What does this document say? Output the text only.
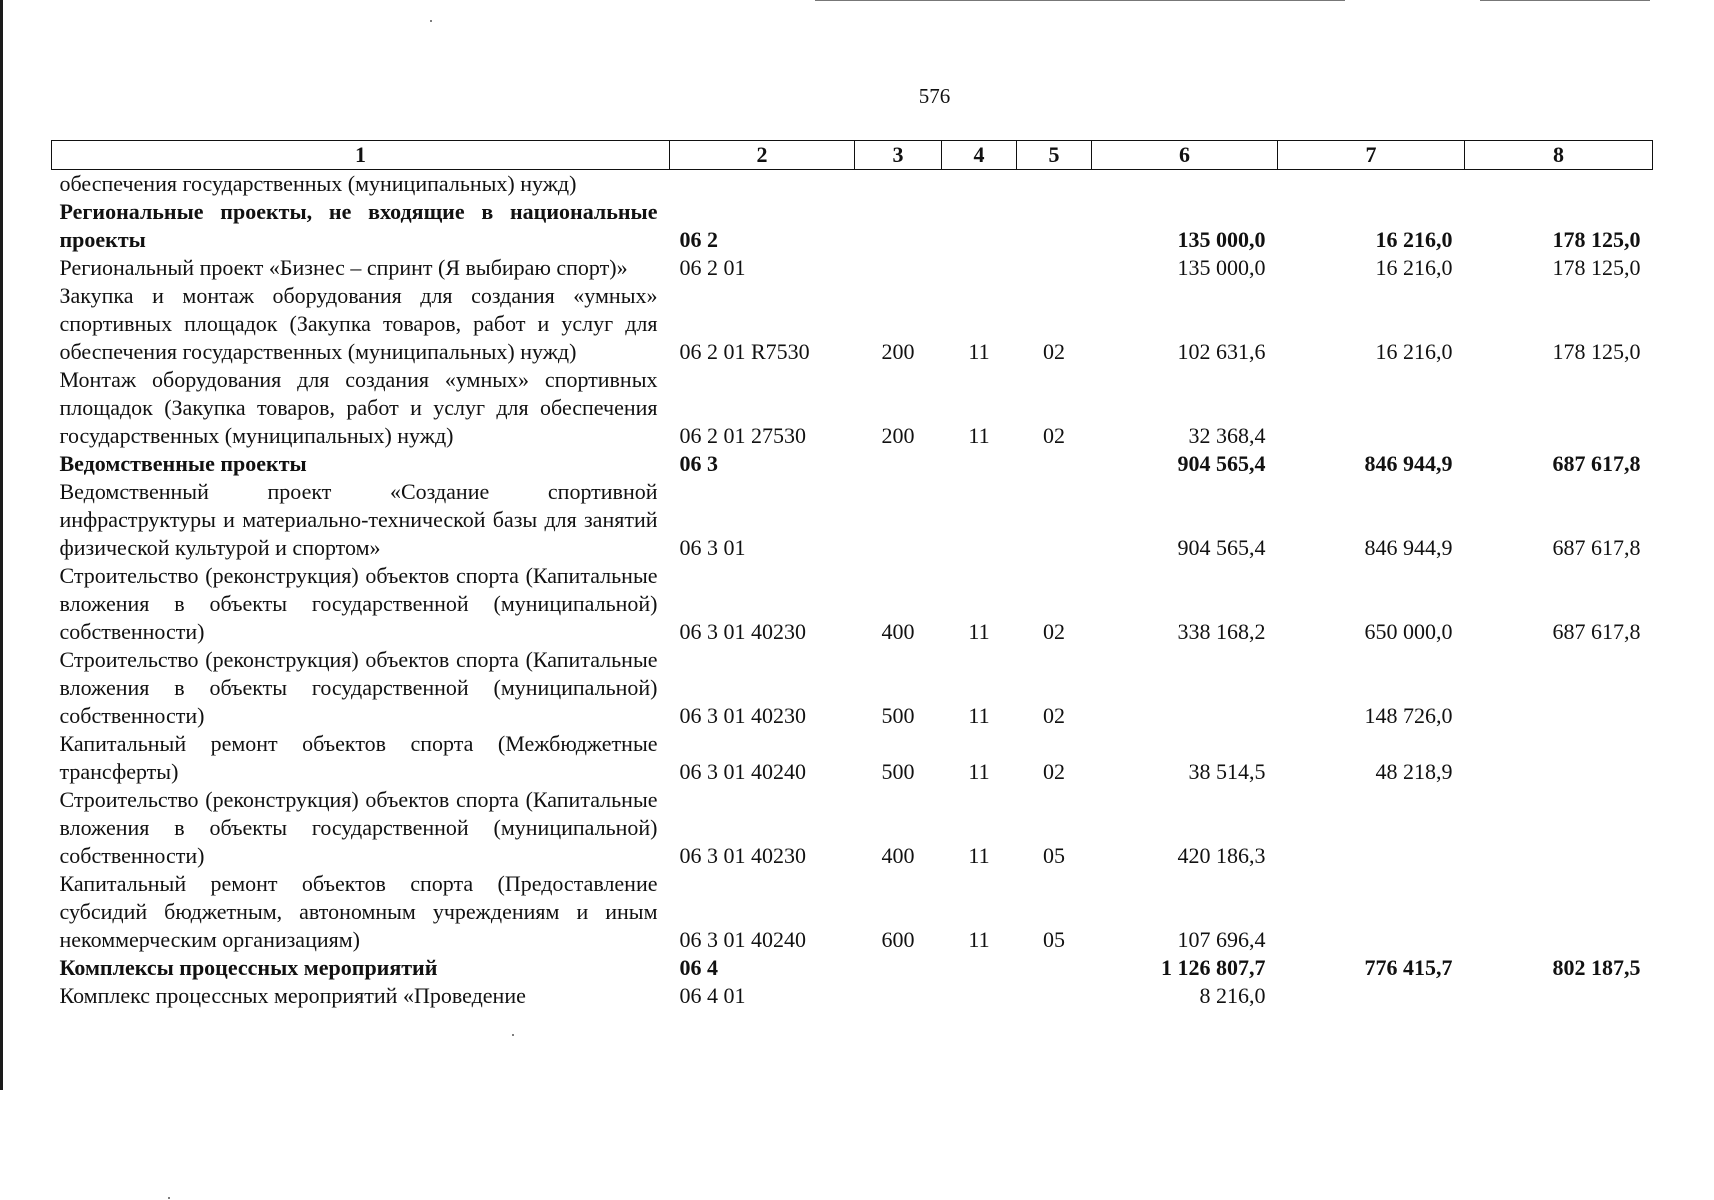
576
1	2	3	4	5	6	7	8
обеспечения государственных (муниципальных) нужд)							
Региональные проекты, не входящие в национальные проекты	06 2				135 000,0	16 216,0	178 125,0
Региональный проект «Бизнес – спринт (Я выбираю спорт)»	06 2 01				135 000,0	16 216,0	178 125,0
Закупка и монтаж оборудования для создания «умных» спортивных площадок (Закупка товаров, работ и услуг для обеспечения государственных (муниципальных) нужд)	06 2 01 R7530	200	11	02	102 631,6	16 216,0	178 125,0
Монтаж оборудования для создания «умных» спортивных площадок (Закупка товаров, работ и услуг для обеспечения государственных (муниципальных) нужд)	06 2 01 27530	200	11	02	32 368,4		
Ведомственные проекты	06 3				904 565,4	846 944,9	687 617,8
Ведомственный проект «Создание спортивной инфраструктуры и материально-технической базы для занятий физической культурой и спортом»	06 3 01				904 565,4	846 944,9	687 617,8
Строительство (реконструкция) объектов спорта (Капитальные вложения в объекты государственной (муниципальной) собственности)	06 3 01 40230	400	11	02	338 168,2	650 000,0	687 617,8
Строительство (реконструкция) объектов спорта (Капитальные вложения в объекты государственной (муниципальной) собственности)	06 3 01 40230	500	11	02		148 726,0	
Капитальный ремонт объектов спорта (Межбюджетные трансферты)	06 3 01 40240	500	11	02	38 514,5	48 218,9	
Строительство (реконструкция) объектов спорта (Капитальные вложения в объекты государственной (муниципальной) собственности)	06 3 01 40230	400	11	05	420 186,3		
Капитальный ремонт объектов спорта (Предоставление субсидий бюджетным, автономным учреждениям и иным некоммерческим организациям)	06 3 01 40240	600	11	05	107 696,4		
Комплексы процессных мероприятий	06 4				1 126 807,7	776 415,7	802 187,5
Комплекс процессных мероприятий «Проведение	06 4 01				8 216,0		
